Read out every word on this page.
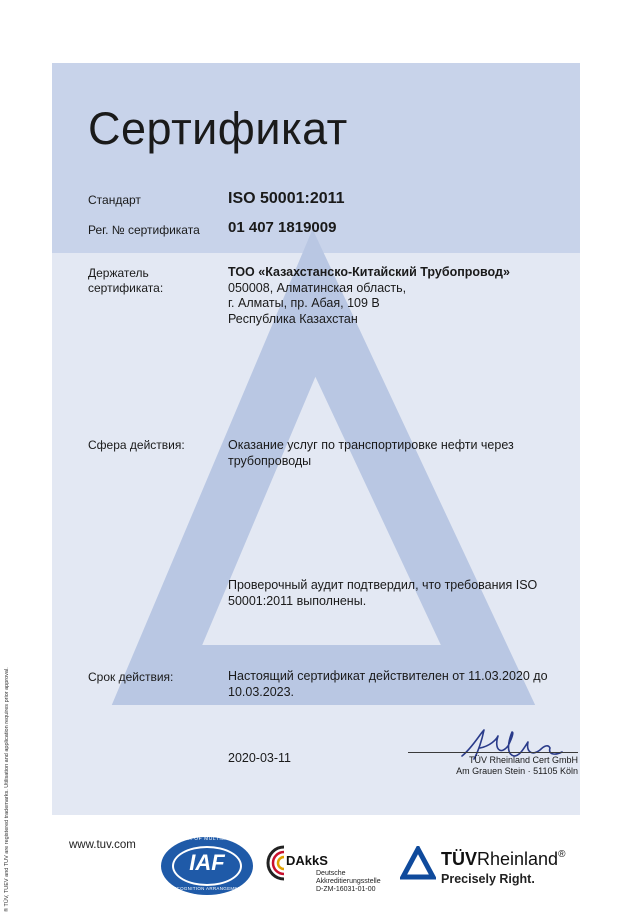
® TÜV, TUEV and TUV are registered trademarks. Utilisation and application requires prior approval.
Сертификат
Стандарт	ISO 50001:2011
Рег. № сертификата 01 407 1819009
Держатель
сертификата:
ТОО «Казахстанско-Китайский Трубопровод»
050008, Алматинская область,
г. Алматы, пр. Абая, 109 В
Республика Казахстан
Сфера действия:	Оказание услуг по транспортировке нефти через
трубопроводы
Проверочный аудит подтвердил, что требования ISO
50001:2011 выполнены.
Срок действия:	Настоящий сертификат действителен от 11.03.2020 до
10.03.2023.
2020-03-11	TÜV Rheinland Cert GmbH
Am Grauen Stein · 51105 Köln
www.tuv.com	MEMBER OF MULTILATERAL
IAF
RECOGNITION ARRANGEMENT
DAkkS
Deutsche
Akkreditierungsstelle
D-ZM-16031-01-00
TÜVRheinland®
Precisely Right.
